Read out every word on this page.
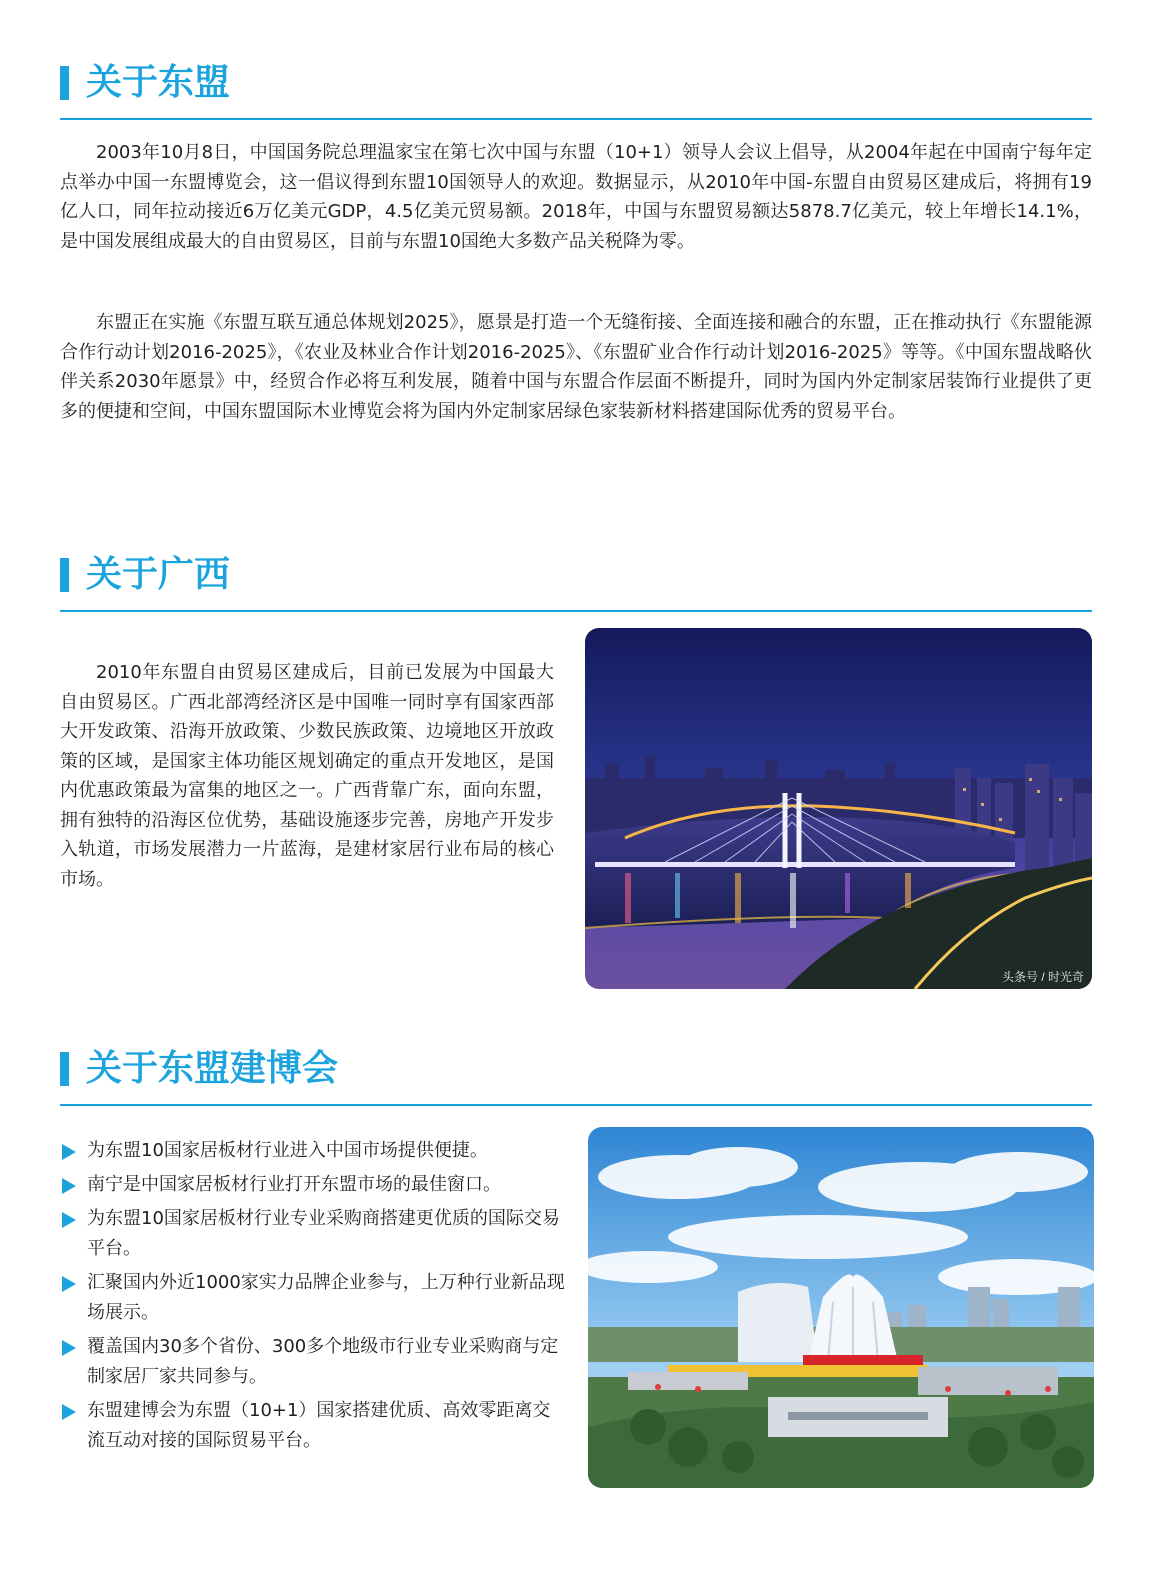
关于东盟

2003年10月8日，中国国务院总理温家宝在第七次中国与东盟（10+1）领导人会议上倡导，从2004年起在中国南宁每年定点举办中国一东盟博览会，这一倡议得到东盟10国领导人的欢迎。数据显示，从2010年中国-东盟自由贸易区建成后，将拥有19亿人口，同年拉动接近6万亿美元GDP，4.5亿美元贸易额。2018年，中国与东盟贸易额达5878.7亿美元，较上年增长14.1%，是中国发展组成最大的自由贸易区，目前与东盟10国绝大多数产品关税降为零。

东盟正在实施《东盟互联互通总体规划2025》，愿景是打造一个无缝衔接、全面连接和融合的东盟，正在推动执行《东盟能源合作行动计划2016-2025》，《农业及林业合作计划2016-2025》、《东盟矿业合作行动计划2016-2025》等等。《中国东盟战略伙伴关系2030年愿景》中，经贸合作必将互利发展，随着中国与东盟合作层面不断提升，同时为国内外定制家居装饰行业提供了更多的便捷和空间，中国东盟国际木业博览会将为国内外定制家居绿色家装新材料搭建国际优秀的贸易平台。

关于广西

2010年东盟自由贸易区建成后，目前已发展为中国最大自由贸易区。广西北部湾经济区是中国唯一同时享有国家西部大开发政策、沿海开放政策、少数民族政策、边境地区开放政策的区域，是国家主体功能区规划确定的重点开发地区，是国内优惠政策最为富集的地区之一。广西背靠广东，面向东盟，拥有独特的沿海区位优势，基础设施逐步完善，房地产开发步入轨道，市场发展潜力一片蓝海，是建材家居行业布局的核心市场。

头条号 / 时光奇
关于东盟建博会
为东盟10国家居板材行业进入中国市场提供便捷。
南宁是中国家居板材行业打开东盟市场的最佳窗口。
为东盟10国家居板材行业专业采购商搭建更优质的国际交易平台。
汇聚国内外近1000家实力品牌企业参与，上万种行业新品现场展示。
覆盖国内30多个省份、300多个地级市行业专业采购商与定制家居厂家共同参与。
东盟建博会为东盟（10+1）国家搭建优质、高效零距离交流互动对接的国际贸易平台。
